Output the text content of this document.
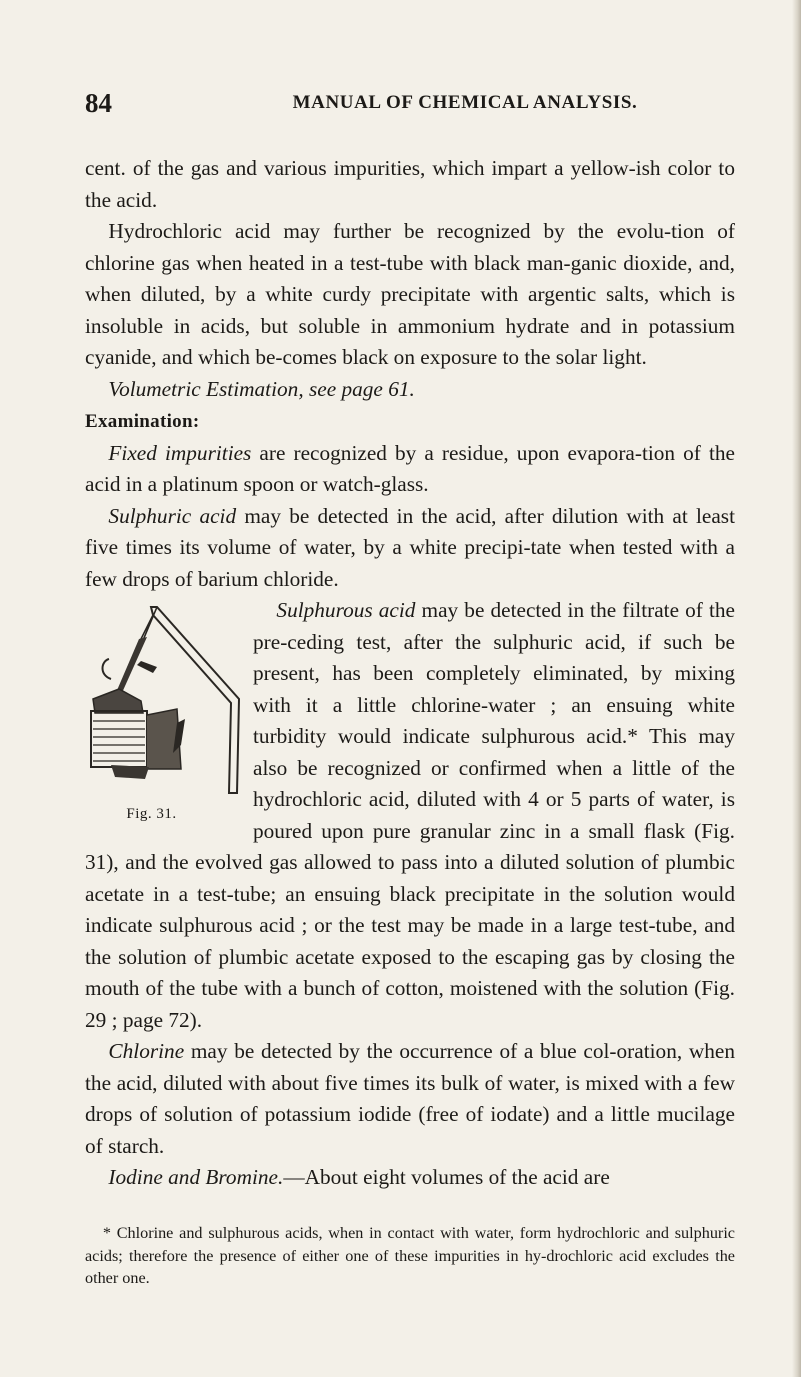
84	MANUAL OF CHEMICAL ANALYSIS.

cent. of the gas and various impurities, which impart a yellow-ish color to the acid.

Hydrochloric acid may further be recognized by the evolu-tion of chlorine gas when heated in a test-tube with black man-ganic dioxide, and, when diluted, by a white curdy precipitate with argentic salts, which is insoluble in acids, but soluble in ammonium hydrate and in potassium cyanide, and which be-comes black on exposure to the solar light.

Volumetric Estimation, see page 61.

Examination:

Fixed impurities are recognized by a residue, upon evapora-tion of the acid in a platinum spoon or watch-glass.

Sulphuric acid may be detected in the acid, after dilution with at least five times its volume of water, by a white precipi-tate when tested with a few drops of barium chloride.

Fig. 31.
Sulphurous acid may be detected in the filtrate of the pre-ceding test, after the sulphuric acid, if such be present, has been completely eliminated, by mixing with it a little chlorine-water ; an ensuing white turbidity would indicate sulphurous acid.* This may also be recognized or confirmed when a little of the hydrochloric acid, diluted with 4 or 5 parts of water, is poured upon pure granular zinc in a small flask (Fig. 31), and the evolved gas allowed to pass into a diluted solution of plumbic acetate in a test-tube; an ensuing black precipitate in the solution would indicate sulphurous acid ; or the test may be made in a large test-tube, and the solution of plumbic acetate exposed to the escaping gas by closing the mouth of the tube with a bunch of cotton, moistened with the solution (Fig. 29 ; page 72).

Chlorine may be detected by the occurrence of a blue col-oration, when the acid, diluted with about five times its bulk of water, is mixed with a few drops of solution of potassium iodide (free of iodate) and a little mucilage of starch.

Iodine and Bromine.—About eight volumes of the acid are

* Chlorine and sulphurous acids, when in contact with water, form hydrochloric and sulphuric acids; therefore the presence of either one of these impurities in hy-drochloric acid excludes the other one.
